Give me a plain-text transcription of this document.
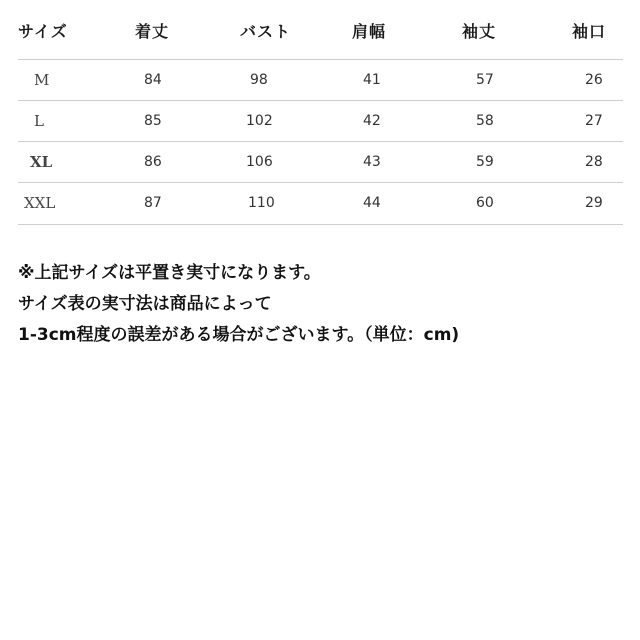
サイズ	着丈	バスト	肩幅	袖丈	袖口
M	84	98	41	57	26
L	85	102	42	58	27
XL	86	106	43	59	28
XXL	87	110	44	60	29
※上記サイズは平置き実寸になります。
サイズ表の実寸法は商品によって
1-3cm程度の誤差がある場合がございます。（単位：cm)
